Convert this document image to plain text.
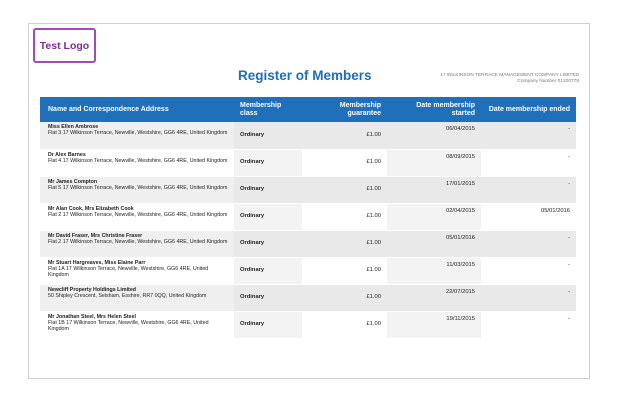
Test Logo
Register of Members	17 WILKINSON TERRACE MANAGEMENT COMPANY LIMITED
Company Number 01200778
Name and Correspondence Address	Membership class	Membership guarantee	Date membership started	Date membership ended

Miss Ellen Ambrose
Flat 3 17 Wilkinson Terrace, Newville, Westshire, GG6 4RE, United Kingdom	Ordinary	£1.00	06/04/2015	-

Dr Alex Barnes
Flat 4 17 Wilkinson Terrace, Newville, Westshire, GG6 4RE, United Kingdom	Ordinary	£1.00	08/09/2015	-

Mr James Compton
Flat 5 17 Wilkinson Terrace, Newville, Westshire, GG6 4RE, United Kingdom	Ordinary	£1.00	17/01/2015	-

Mr Alan Cook, Mrs Elizabeth Cook
Flat 2 17 Wilkinson Terrace, Newville, Westshire, GG6 4RE, United Kingdom	Ordinary	£1.00	02/04/2015	05/01/2016

Mr David Fraser, Mrs Christine Fraser
Flat 2 17 Wilkinson Terrace, Newville, Westshire, GG6 4RE, United Kingdom	Ordinary	£1.00	05/01/2016	-

Mr Stuart Hargreaves, Miss Elaine Parr
Flat 1A 17 Wilkinson Terrace, Newville, Westshire, GG6 4RE, United Kingdom	Ordinary	£1.00	11/03/2015	-

Newcliff Property Holdings Limited
50 Shipley Crescent, Selsham, Esshire, RR7 0QQ, United Kingdom	Ordinary	£1.00	22/07/2015	-

Mr Jonathan Steel, Mrs Helen Steel
Flat 1B 17 Wilkinson Terrace, Newville, Westshire, GG6 4RE, United Kingdom	Ordinary	£1.00	19/11/2015	-
